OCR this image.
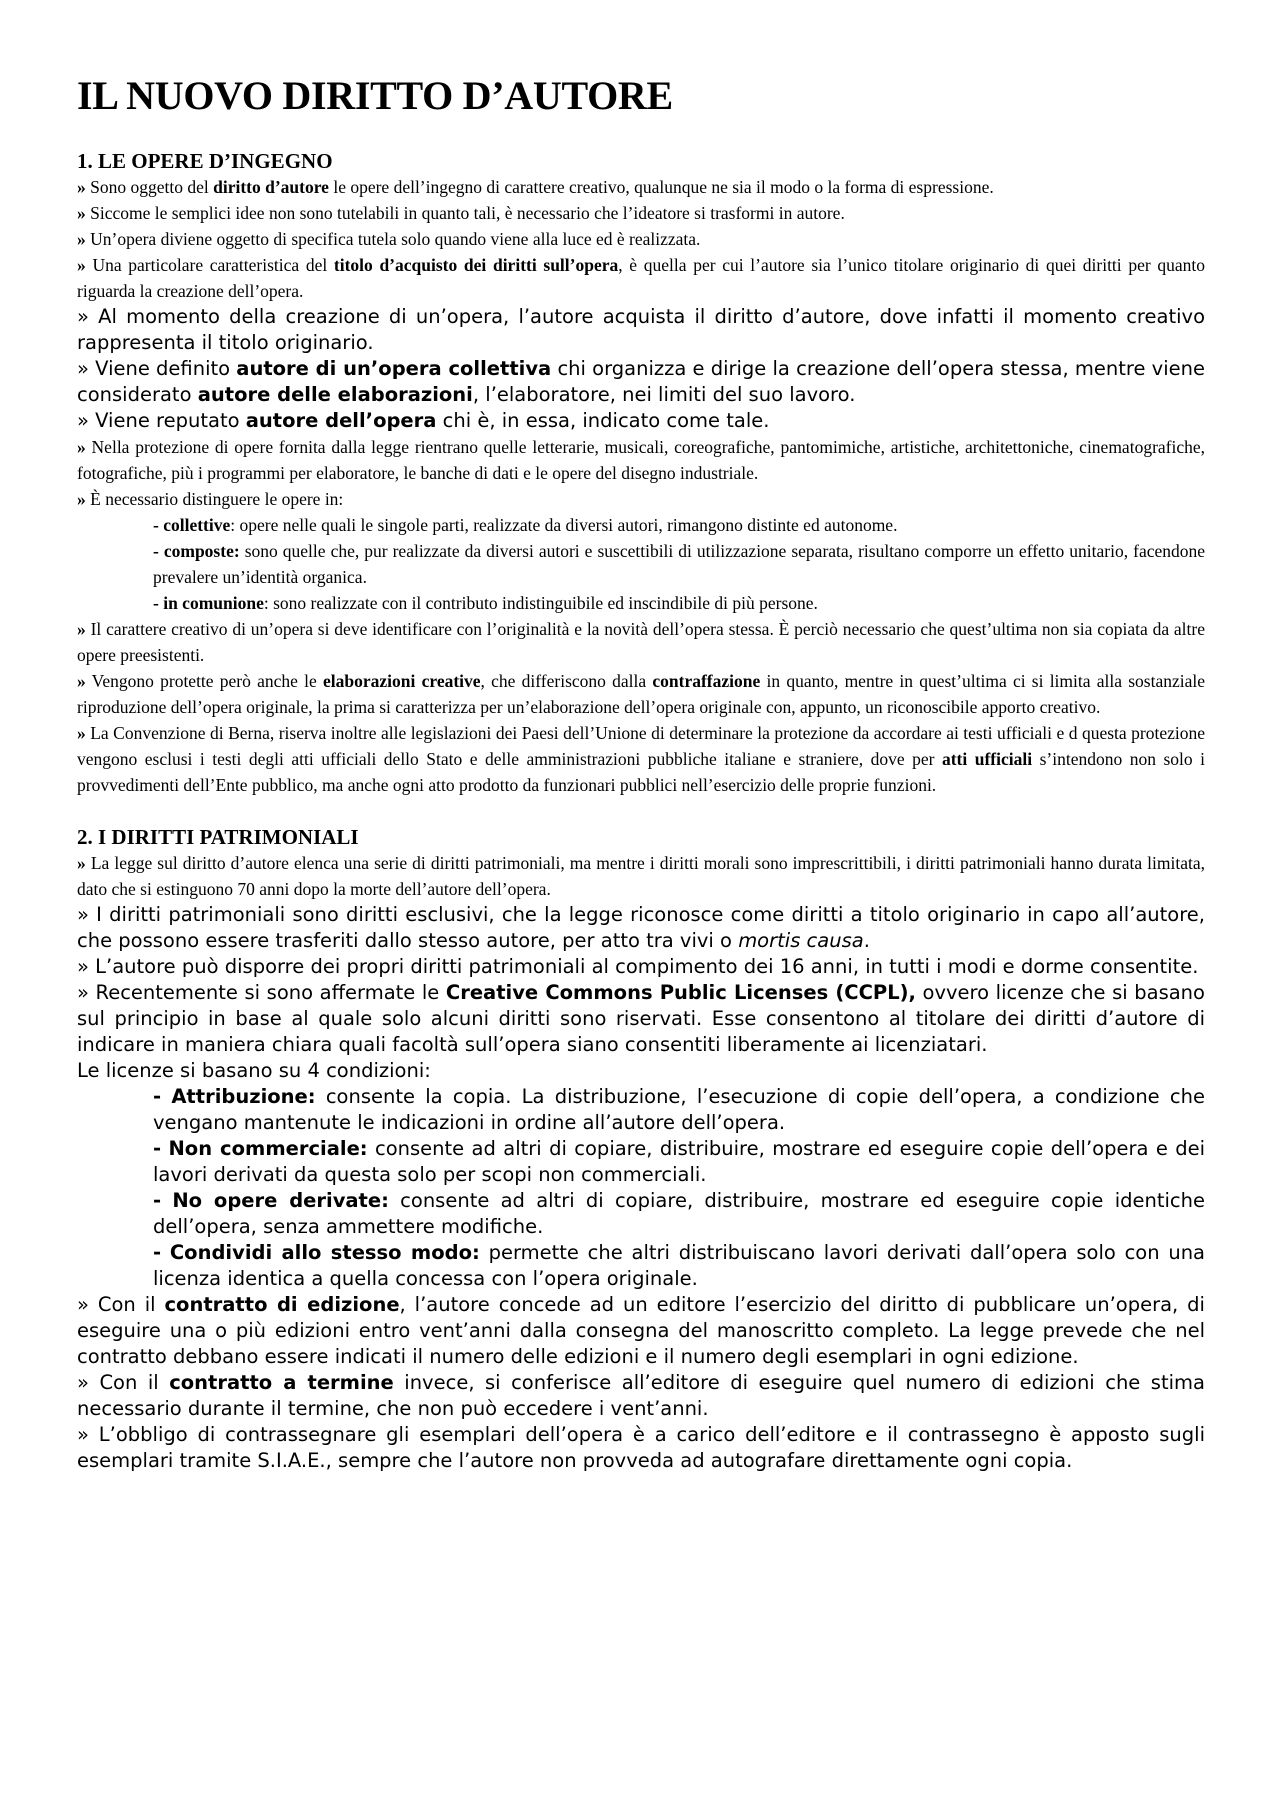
IL NUOVO DIRITTO D’AUTORE
1. LE OPERE D’INGEGNO

» Sono oggetto del diritto d’autore le opere dell’ingegno di carattere creativo, qualunque ne sia il modo o la forma di espressione.

» Siccome le semplici idee non sono tutelabili in quanto tali, è necessario che l’ideatore si trasformi in autore.

» Un’opera diviene oggetto di specifica tutela solo quando viene alla luce ed è realizzata.

» Una particolare caratteristica del titolo d’acquisto dei diritti sull’opera, è quella per cui l’autore sia l’unico titolare originario di quei diritti per quanto riguarda la creazione dell’opera.

» Al momento della creazione di un’opera, l’autore acquista il diritto d’autore, dove infatti il momento creativo rappresenta il titolo originario.

» Viene definito autore di un’opera collettiva chi organizza e dirige la creazione dell’opera stessa, mentre viene considerato autore delle elaborazioni, l’elaboratore, nei limiti del suo lavoro.

» Viene reputato autore dell’opera chi è, in essa, indicato come tale.

» Nella protezione di opere fornita dalla legge rientrano quelle letterarie, musicali, coreografiche, pantomimiche, artistiche, architettoniche, cinematografiche, fotografiche, più i programmi per elaboratore, le banche di dati e le opere del disegno industriale.

» È necessario distinguere le opere in:

- collettive: opere nelle quali le singole parti, realizzate da diversi autori, rimangono distinte ed autonome.

- composte: sono quelle che, pur realizzate da diversi autori e suscettibili di utilizzazione separata, risultano comporre un effetto unitario, facendone prevalere un’identità organica.

- in comunione: sono realizzate con il contributo indistinguibile ed inscindibile di più persone.

» Il carattere creativo di un’opera si deve identificare con l’originalità e la novità dell’opera stessa. È perciò necessario che quest’ultima non sia copiata da altre opere preesistenti.

» Vengono protette però anche le elaborazioni creative, che differiscono dalla contraffazione in quanto, mentre in quest’ultima ci si limita alla sostanziale riproduzione dell’opera originale, la prima si caratterizza per un’elaborazione dell’opera originale con, appunto, un riconoscibile apporto creativo.

» La Convenzione di Berna, riserva inoltre alle legislazioni dei Paesi dell’Unione di determinare la protezione da accordare ai testi ufficiali e d questa protezione vengono esclusi i testi degli atti ufficiali dello Stato e delle amministrazioni pubbliche italiane e straniere, dove per atti ufficiali s’intendono non solo i provvedimenti dell’Ente pubblico, ma anche ogni atto prodotto da funzionari pubblici nell’esercizio delle proprie funzioni.

2. I DIRITTI PATRIMONIALI

» La legge sul diritto d’autore elenca una serie di diritti patrimoniali, ma mentre i diritti morali sono imprescrittibili, i diritti patrimoniali hanno durata limitata, dato che si estinguono 70 anni dopo la morte dell’autore dell’opera.

» I diritti patrimoniali sono diritti esclusivi, che la legge riconosce come diritti a titolo originario in capo all’autore, che possono essere trasferiti dallo stesso autore, per atto tra vivi o mortis causa.

» L’autore può disporre dei propri diritti patrimoniali al compimento dei 16 anni, in tutti i modi e dorme consentite.

» Recentemente si sono affermate le Creative Commons Public Licenses (CCPL), ovvero licenze che si basano sul principio in base al quale solo alcuni diritti sono riservati. Esse consentono al titolare dei diritti d’autore di indicare in maniera chiara quali facoltà sull’opera siano consentiti liberamente ai licenziatari.

Le licenze si basano su 4 condizioni:

- Attribuzione: consente la copia. La distribuzione, l’esecuzione di copie dell’opera, a condizione che vengano mantenute le indicazioni in ordine all’autore dell’opera.

- Non commerciale: consente ad altri di copiare, distribuire, mostrare ed eseguire copie dell’opera e dei lavori derivati da questa solo per scopi non commerciali.

- No opere derivate: consente ad altri di copiare, distribuire, mostrare ed eseguire copie identiche dell’opera, senza ammettere modifiche.

- Condividi allo stesso modo: permette che altri distribuiscano lavori derivati dall’opera solo con una licenza identica a quella concessa con l’opera originale.

» Con il contratto di edizione, l’autore concede ad un editore l’esercizio del diritto di pubblicare un’opera, di eseguire una o più edizioni entro vent’anni dalla consegna del manoscritto completo. La legge prevede che nel contratto debbano essere indicati il numero delle edizioni e il numero degli esemplari in ogni edizione.

» Con il contratto a termine invece, si conferisce all’editore di eseguire quel numero di edizioni che stima necessario durante il termine, che non può eccedere i vent’anni.

» L’obbligo di contrassegnare gli esemplari dell’opera è a carico dell’editore e il contrassegno è apposto sugli esemplari tramite S.I.A.E., sempre che l’autore non provveda ad autografare direttamente ogni copia.
